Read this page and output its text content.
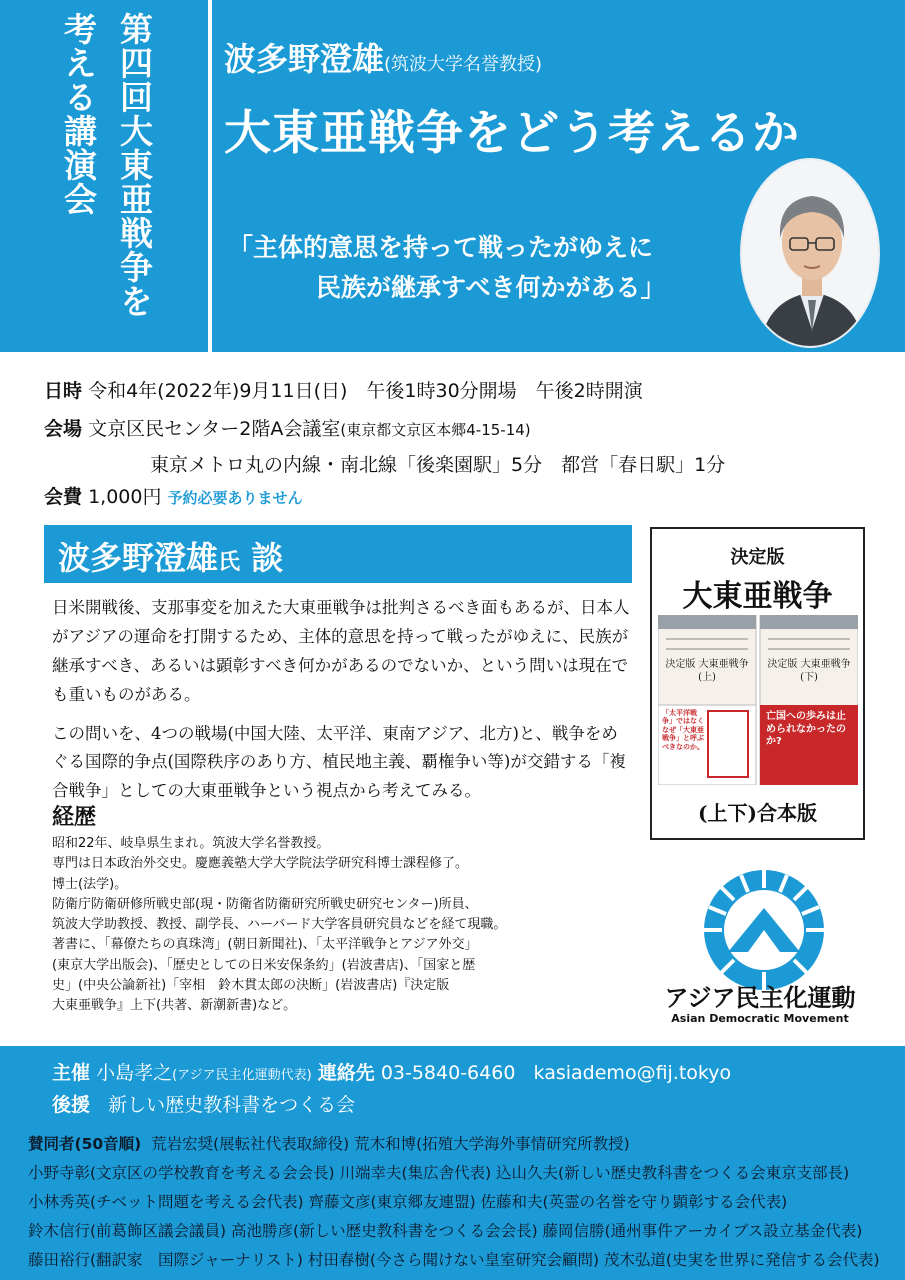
第四回大東亜戦争を
考える講演会	波多野澄雄(筑波大学名誉教授)
大東亜戦争をどう考えるか
「主体的意思を持って戦ったがゆえに
民族が継承すべき何かがある」
日時 令和4年(2022年)9月11日(日)　午後1時30分開場　午後2時開演
会場 文京区民センター2階A会議室(東京都文京区本郷4-15-14)
東京メトロ丸の内線・南北線「後楽園駅」5分　都営「春日駅」1分
会費 1,000円 予約必要ありません
波多野澄雄氏 談

日米開戦後、支那事変を加えた大東亜戦争は批判さるべき面もあるが、日本人がアジアの運命を打開するため、主体的意思を持って戦ったがゆえに、民族が継承すべき、あるいは顕彰すべき何かがあるのでないか、という問いは現在でも重いものがある。

この問いを、4つの戦場(中国大陸、太平洋、東南アジア、北方)と、戦争をめぐる国際的争点(国際秩序のあり方、植民地主義、覇権争い等)が交錯する「複合戦争」としての大東亜戦争という視点から考えてみる。

経歴
昭和22年、岐阜県生まれ。筑波大学名誉教授。
専門は日本政治外交史。慶應義塾大学大学院法学研究科博士課程修了。
博士(法学)。
防衛庁防衛研修所戦史部(現・防衛省防衛研究所戦史研究センター)所員、
筑波大学助教授、教授、副学長、ハーバード大学客員研究員などを経て現職。
著書に、「幕僚たちの真珠湾」(朝日新聞社)、「太平洋戦争とアジア外交」
(東京大学出版会)、「歴史としての日米安保条約」(岩波書店)、「国家と歴
史」(中央公論新社)「宰相　鈴木貫太郎の決断」(岩波書店)『決定版
大東亜戦争』上下(共著、新潮新書)など。
決定版
大東亜戦争
決定版 大東亜戦争(上)
決定版 大東亜戦争(下)
「太平洋戦争」ではなくなぜ「大東亜戦争」と呼ぶべきなのか。
亡国への歩みは止められなかったのか?
(上下)合本版
アジア民主化運動
Asian Democratic Movement
主催 小島孝之(アジア民主化運動代表) 連絡先 03-5840-6460 kasiademo@fij.tokyo
後援 新しい歴史教科書をつくる会
賛同者(50音順) 荒岩宏奨(展転社代表取締役) 荒木和博(拓殖大学海外事情研究所教授)
小野寺彰(文京区の学校教育を考える会会長) 川端幸夫(集広舎代表) 込山久夫(新しい歴史教科書をつくる会東京支部長)
小林秀英(チベット問題を考える会代表) 齊藤文彦(東京郷友連盟) 佐藤和夫(英霊の名誉を守り顕彰する会代表)
鈴木信行(前葛飾区議会議員) 高池勝彦(新しい歴史教科書をつくる会会長) 藤岡信勝(通州事件アーカイブス設立基金代表)
藤田裕行(翻訳家　国際ジャーナリスト) 村田春樹(今さら聞けない皇室研究会顧問) 茂木弘道(史実を世界に発信する会代表)
